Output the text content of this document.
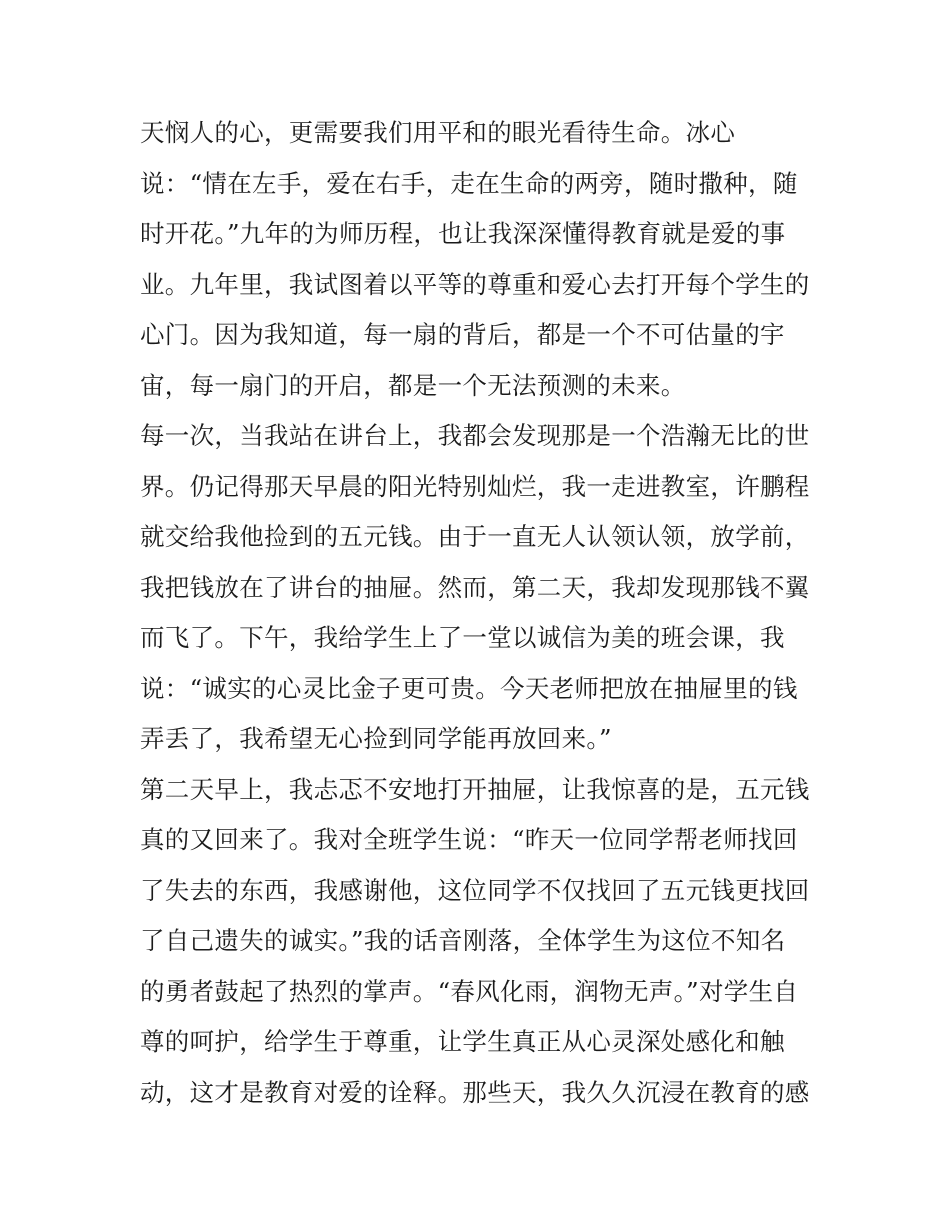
天悯人的心，更需要我们用平和的眼光看待生命。冰心
说：“情在左手，爱在右手，走在生命的两旁，随时撒种，随
时开花。”九年的为师历程，也让我深深懂得教育就是爱的事
业。九年里，我试图着以平等的尊重和爱心去打开每个学生的
心门。因为我知道，每一扇的背后，都是一个不可估量的宇
宙，每一扇门的开启，都是一个无法预测的未来。
每一次，当我站在讲台上，我都会发现那是一个浩瀚无比的世
界。仍记得那天早晨的阳光特别灿烂，我一走进教室，许鹏程
就交给我他捡到的五元钱。由于一直无人认领认领，放学前，
我把钱放在了讲台的抽屉。然而，第二天，我却发现那钱不翼
而飞了。下午，我给学生上了一堂以诚信为美的班会课，我
说：“诚实的心灵比金子更可贵。今天老师把放在抽屉里的钱
弄丢了，我希望无心捡到同学能再放回来。”
第二天早上，我忐忑不安地打开抽屉，让我惊喜的是，五元钱
真的又回来了。我对全班学生说：“昨天一位同学帮老师找回
了失去的东西，我感谢他，这位同学不仅找回了五元钱更找回
了自己遗失的诚实。”我的话音刚落，全体学生为这位不知名
的勇者鼓起了热烈的掌声。“春风化雨，润物无声。”对学生自
尊的呵护，给学生于尊重，让学生真正从心灵深处感化和触
动，这才是教育对爱的诠释。那些天，我久久沉浸在教育的感
